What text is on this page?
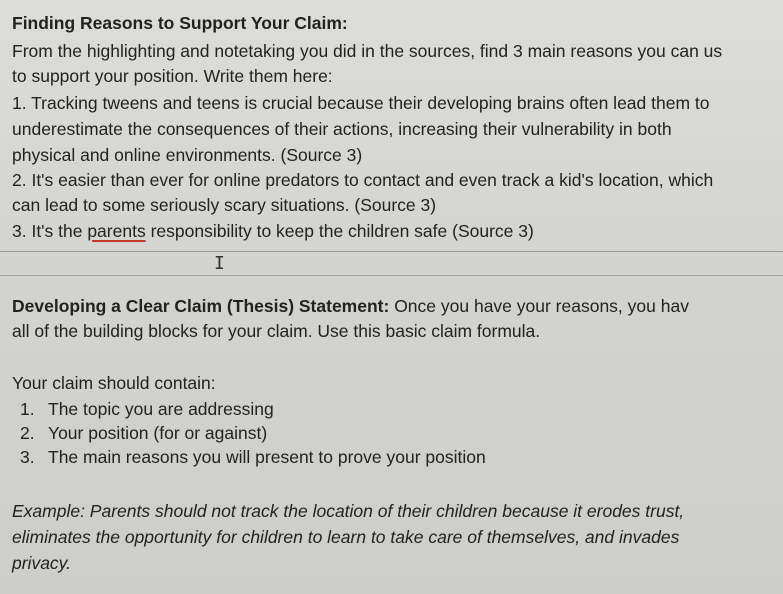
Finding Reasons to Support Your Claim:
From the highlighting and notetaking you did in the sources, find 3 main reasons you can us
to support your position. Write them here:
1. Tracking tweens and teens is crucial because their developing brains often lead them to
underestimate the consequences of their actions, increasing their vulnerability in both
physical and online environments. (Source 3)
2. It's easier than ever for online predators to contact and even track a kid's location, which
can lead to some seriously scary situations. (Source 3)
3. It's the parents responsibility to keep the children safe (Source 3)
I
Developing a Clear Claim (Thesis) Statement: Once you have your reasons, you hav
all of the building blocks for your claim. Use this basic claim formula.
Your claim should contain:
1. The topic you are addressing
2. Your position (for or against)
3. The main reasons you will present to prove your position
Example: Parents should not track the location of their children because it erodes trust,
eliminates the opportunity for children to learn to take care of themselves, and invades
privacy.
